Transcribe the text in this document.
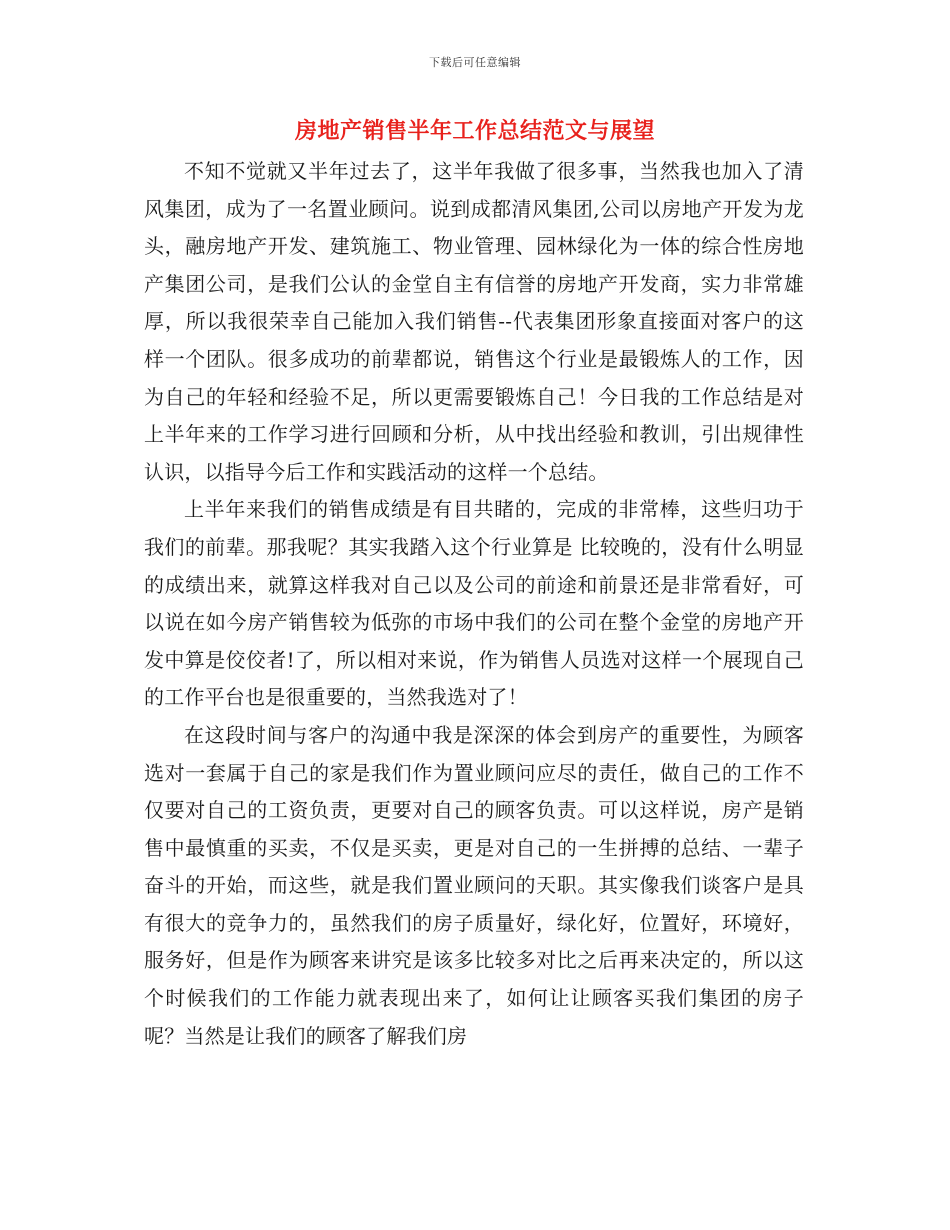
下载后可任意编辑
房地产销售半年工作总结范文与展望

不知不觉就又半年过去了，这半年我做了很多事，当然我也加入了清风集团，成为了一名置业顾问。说到成都清风集团,公司以房地产开发为龙头，融房地产开发、建筑施工、物业管理、园林绿化为一体的综合性房地产集团公司，是我们公认的金堂自主有信誉的房地产开发商，实力非常雄厚，所以我很荣幸自己能加入我们销售--代表集团形象直接面对客户的这样一个团队。很多成功的前辈都说，销售这个行业是最锻炼人的工作，因为自己的年轻和经验不足，所以更需要锻炼自己！今日我的工作总结是对上半年来的工作学习进行回顾和分析，从中找出经验和教训，引出规律性认识，以指导今后工作和实践活动的这样一个总结。

上半年来我们的销售成绩是有目共睹的，完成的非常棒，这些归功于我们的前辈。那我呢？其实我踏入这个行业算是 比较晚的，没有什么明显的成绩出来，就算这样我对自己以及公司的前途和前景还是非常看好，可以说在如今房产销售较为低弥的市场中我们的公司在整个金堂的房地产开发中算是佼佼者!了，所以相对来说，作为销售人员选对这样一个展现自己的工作平台也是很重要的，当然我选对了！

在这段时间与客户的沟通中我是深深的体会到房产的重要性，为顾客选对一套属于自己的家是我们作为置业顾问应尽的责任，做自己的工作不仅要对自己的工资负责，更要对自己的顾客负责。可以这样说，房产是销售中最慎重的买卖，不仅是买卖，更是对自己的一生拼搏的总结、一辈子奋斗的开始，而这些，就是我们置业顾问的天职。其实像我们谈客户是具有很大的竞争力的，虽然我们的房子质量好，绿化好，位置好，环境好，服务好，但是作为顾客来讲究是该多比较多对比之后再来决定的，所以这个时候我们的工作能力就表现出来了，如何让让顾客买我们集团的房子呢？当然是让我们的顾客了解我们房
